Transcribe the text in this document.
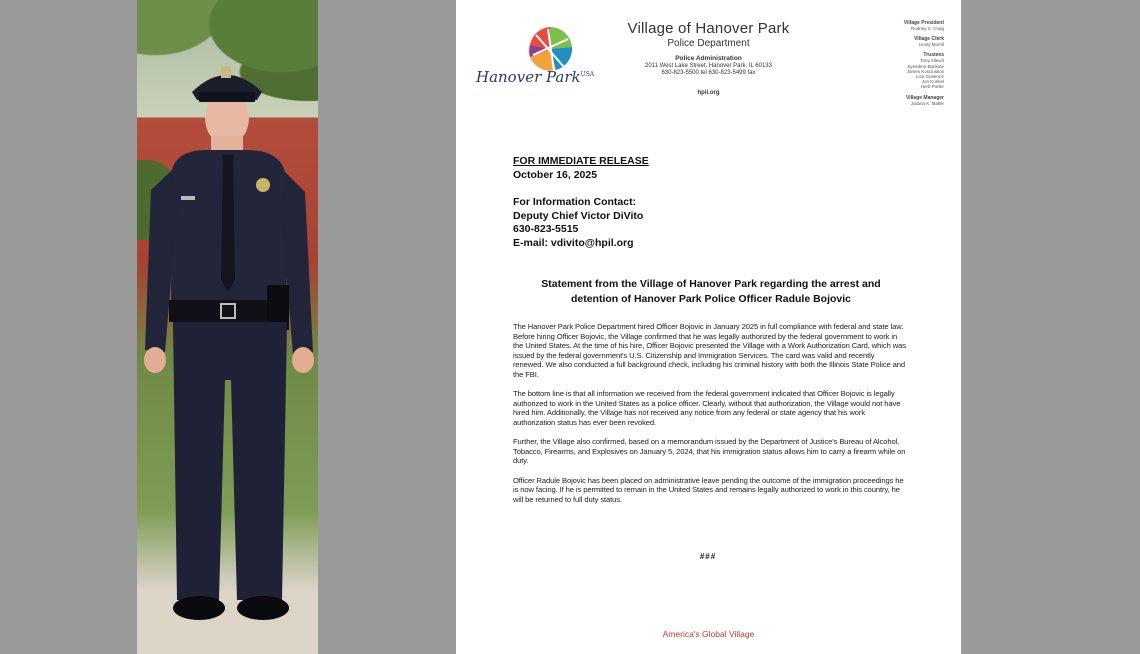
Hanover Park$^{USA}$
Village of Hanover Park
Police Department
Police Administration
2011 West Lake Street, Hanover Park, IL 60133
630-823-5500 tel 630-823-5499 fax
hpil.org
Village President
Rodney S. Craig
Village Clerk
Hosty Morrill
Trustees
Tony Allevol
Syeedmn Barikute
James Kosciuskos
Liza Gutierrez
Jon Kunkel
Herb Porter
Village Manager
Juliana K. Maller
FOR IMMEDIATE RELEASE
October 16, 2025
For Information Contact:
Deputy Chief Victor DiVito
630-823-5515
E-mail: vdivito@hpil.org
Statement from the Village of Hanover Park regarding the arrest and
detention of Hanover Park Police Officer Radule Bojovic

The Hanover Park Police Department hired Officer Bojovic in January 2025 in full compliance with federal and state law. Before hiring Officer Bojovic, the Village confirmed that he was legally authorized by the federal government to work in the United States. At the time of his hire, Officer Bojovic presented the Village with a Work Authorization Card, which was issued by the federal government's U.S. Citizenship and Immigration Services. The card was valid and recently renewed. We also conducted a full background check, including his criminal history with both the Illinois State Police and the FBI.

The bottom line is that all information we received from the federal government indicated that Officer Bojovic is legally authorized to work in the United States as a police officer. Clearly, without that authorization, the Village would not have hired him. Additionally, the Village has not received any notice from any federal or state agency that his work authorization status has ever been revoked.

Further, the Village also confirmed, based on a memorandum issued by the Department of Justice's Bureau of Alcohol, Tobacco, Firearms, and Explosives on January 5, 2024, that his immigration status allows him to carry a firearm while on duty.

Officer Radule Bojovic has been placed on administrative leave pending the outcome of the immigration proceedings he is now facing. If he is permitted to remain in the United States and remains legally authorized to work in this country, he will be returned to full duty status.

###
America's Global Village
